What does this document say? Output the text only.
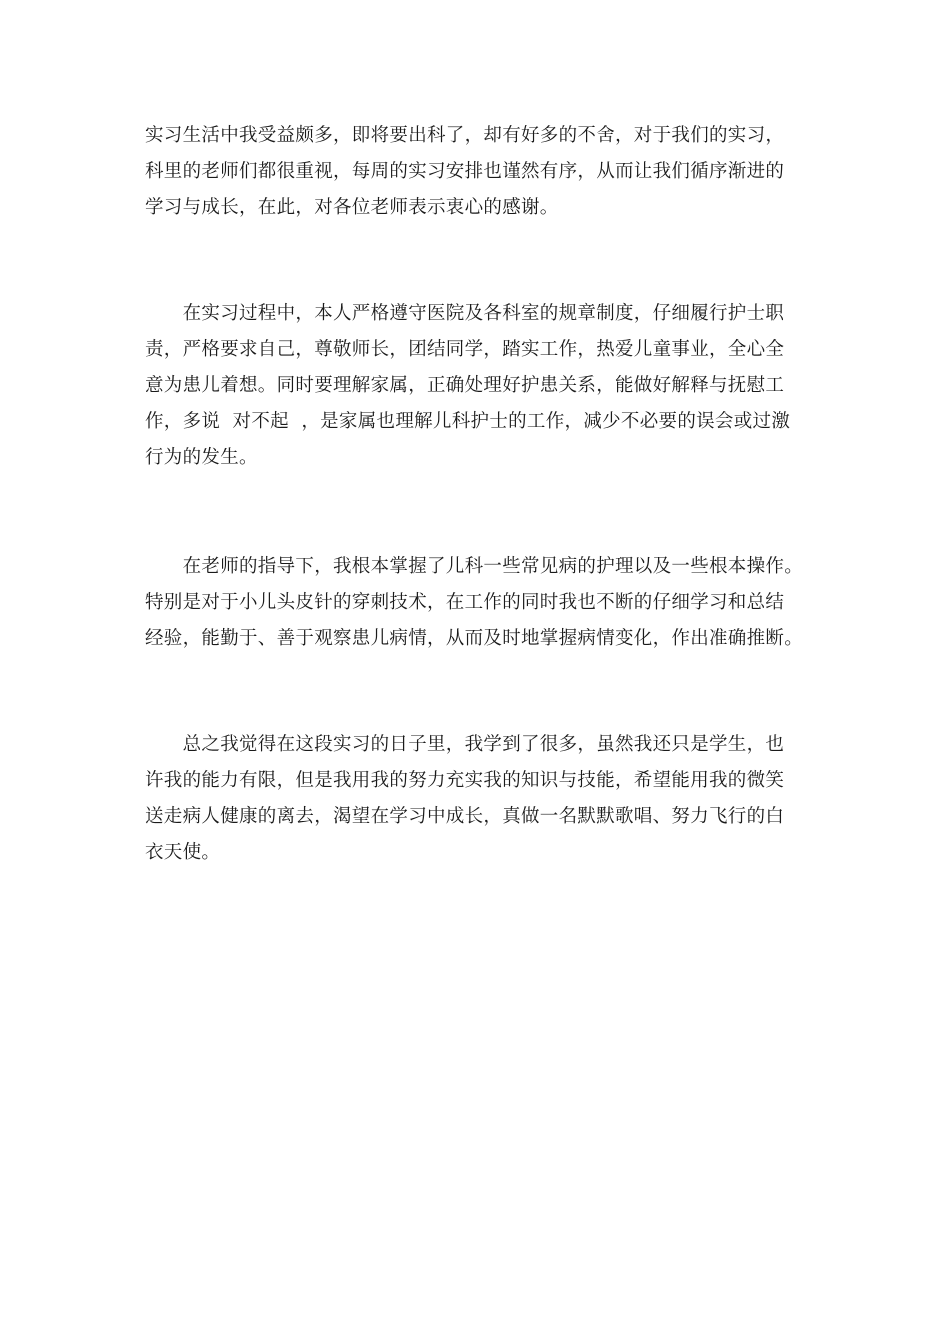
实习生活中我受益颇多，即将要出科了，却有好多的不舍，对于我们的实习，
科里的老师们都很重视，每周的实习安排也谨然有序，从而让我们循序渐进的
学习与成长，在此，对各位老师表示衷心的感谢。

　　在实习过程中，本人严格遵守医院及各科室的规章制度，仔细履行护士职
责，严格要求自己，尊敬师长，团结同学，踏实工作，热爱儿童事业，全心全
意为患儿着想。同时要理解家属，正确处理好护患关系，能做好解释与抚慰工
作，多说  对不起  ，是家属也理解儿科护士的工作，减少不必要的误会或过激
行为的发生。

　　在老师的指导下，我根本掌握了儿科一些常见病的护理以及一些根本操作。
特别是对于小儿头皮针的穿刺技术，在工作的同时我也不断的仔细学习和总结
经验，能勤于、善于观察患儿病情，从而及时地掌握病情变化，作出准确推断。

　　总之我觉得在这段实习的日子里，我学到了很多，虽然我还只是学生，也
许我的能力有限，但是我用我的努力充实我的知识与技能，希望能用我的微笑
送走病人健康的离去，渴望在学习中成长，真做一名默默歌唱、努力飞行的白
衣天使。
